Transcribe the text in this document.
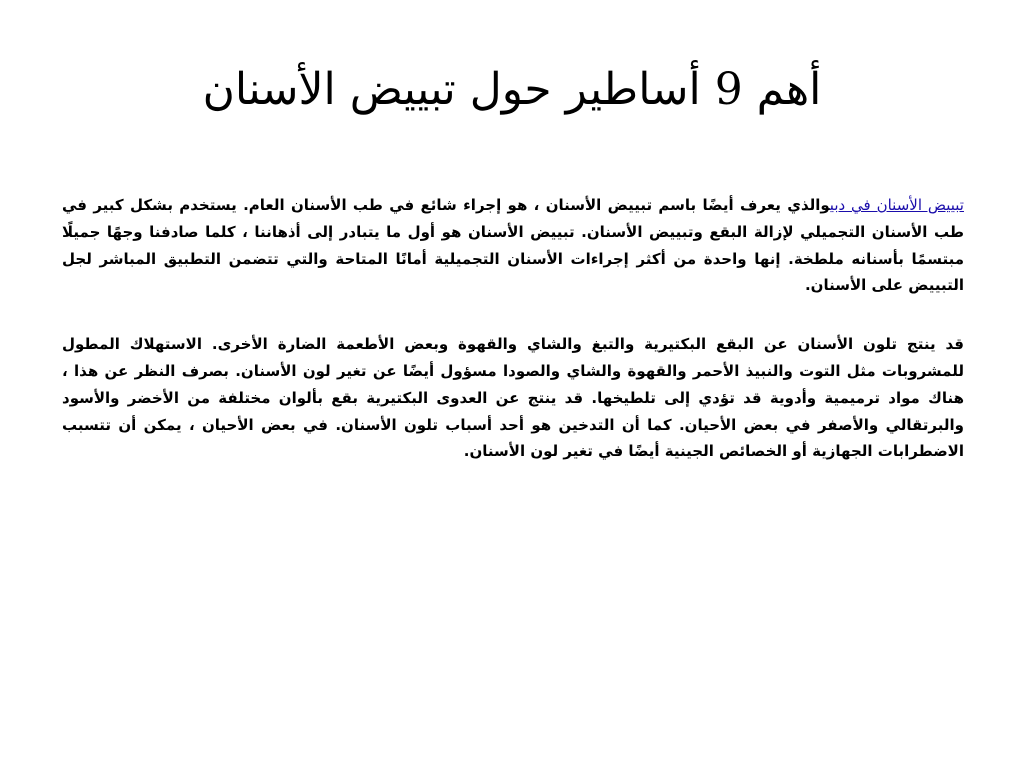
أهم 9 أساطير حول تبييض الأسنان

تبييض الأسنان في دبيوالذي يعرف أيضًا باسم تبييض الأسنان ، هو إجراء شائع في طب الأسنان العام. يستخدم بشكل كبير في طب الأسنان التجميلي لإزالة البقع وتبييض الأسنان. تبييض الأسنان هو أول ما يتبادر إلى أذهاننا ، كلما صادفنا وجهًا جميلًا مبتسمًا بأسنانه ملطخة. إنها واحدة من أكثر إجراءات الأسنان التجميلية أمانًا المتاحة والتي تتضمن التطبيق المباشر لجل التبييض على الأسنان.

قد ينتج تلون الأسنان عن البقع البكتيرية والتبغ والشاي والقهوة وبعض الأطعمة الضارة الأخرى. الاستهلاك المطول للمشروبات مثل التوت والنبيذ الأحمر والقهوة والشاي والصودا مسؤول أيضًا عن تغير لون الأسنان. بصرف النظر عن هذا ، هناك مواد ترميمية وأدوية قد تؤدي إلى تلطيخها. قد ينتج عن العدوى البكتيرية بقع بألوان مختلفة من الأخضر والأسود والبرتقالي والأصفر في بعض الأحيان. كما أن التدخين هو أحد أسباب تلون الأسنان. في بعض الأحيان ، يمكن أن تتسبب الاضطرابات الجهازية أو الخصائص الجينية أيضًا في تغير لون الأسنان.
